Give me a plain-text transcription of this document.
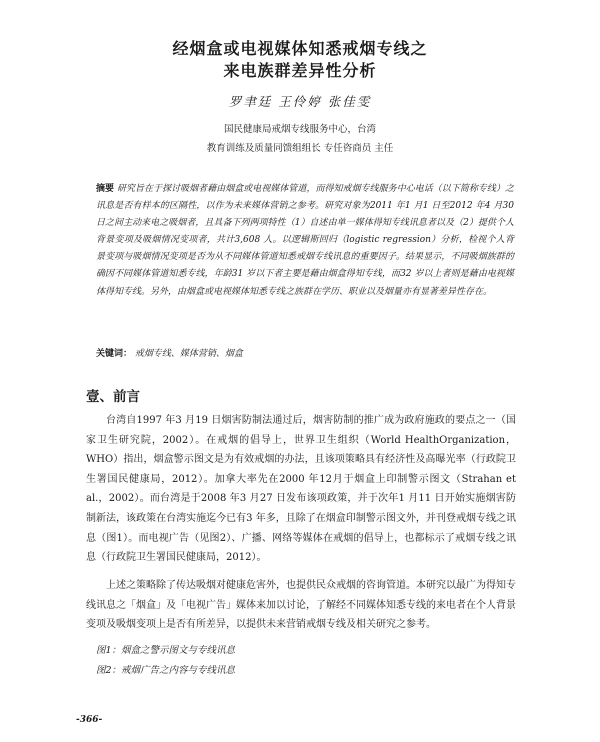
经烟盒或电视媒体知悉戒烟专线之
来电族群差异性分析
罗聿廷 王伶婷 张佳雯
国民健康局戒烟专线服务中心，台湾
教育训练及质量同馈组组长 专任咨商员 主任
摘要 研究旨在于探讨吸烟者藉由烟盒或电视媒体管道，而得知戒烟专线服务中心电话（以下简称专线）之讯息是否有样本的区隔性，以作为未来媒体营销之参考。研究对象为2011 年1 月1 日至2012 年4 月30 日之间主动来电之吸烟者，且具备下列两项特性（1）自述由单一媒体得知专线讯息者以及（2）提供个人背景变项及吸烟情况变项者，共计3,608 人。以逻辑斯回归（logistic regression）分析，检视个人背景变项与吸烟情况变项是否为从不同媒体管道知悉戒烟专线讯息的重要因子。结果显示，不同吸烟族群的确因不同媒体管道知悉专线，年龄31 岁以下者主要是藉由烟盒得知专线，而32 岁以上者则是藉由电视媒体得知专线。另外，由烟盒或电视媒体知悉专线之族群在学历、职业以及烟量亦有显著差异性存在。
关键词： 戒烟专线、媒体营销、烟盒
壹、前言

台湾自1997 年3 月19 日烟害防制法通过后，烟害防制的推广成为政府施政的要点之一（国家卫生研究院，2002）。在戒烟的倡导上，世界卫生组织（World HealthOrganization，WHO）指出，烟盒警示图文是为有效戒烟的办法，且该项策略具有经济性及高曝光率（行政院卫生署国民健康局，2012）。加拿大率先在2000 年12月于烟盒上印制警示图文（Strahan et al.，2002）。而台湾是于2008 年3 月27 日发布该项政策，并于次年1 月11 日开始实施烟害防制新法，该政策在台湾实施迄今已有3 年多，且除了在烟盒印制警示图文外，并刊登戒烟专线之讯息（图1）。而电视广告（见图2）、广播、网络等媒体在戒烟的倡导上，也都标示了戒烟专线之讯息（行政院卫生署国民健康局，2012）。

上述之策略除了传达吸烟对健康危害外，也提供民众戒烟的咨询管道。本研究以最广为得知专线讯息之「烟盒」及「电视广告」媒体来加以讨论，了解经不同媒体知悉专线的来电者在个人背景变项及吸烟变项上是否有所差异，以提供未来营销戒烟专线及相关研究之参考。

图1：烟盒之警示图文与专线讯息
图2：戒烟广告之内容与专线讯息
-366-
